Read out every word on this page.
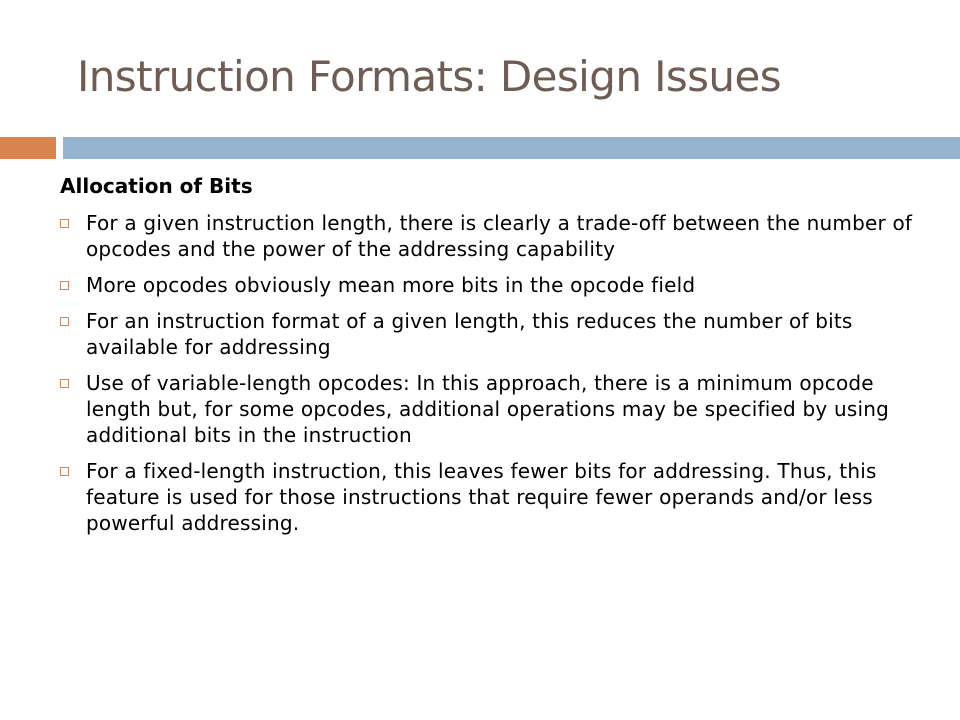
Instruction Formats: Design Issues

Allocation of Bits

For a given instruction length, there is clearly a trade-off between the number of opcodes and the power of the addressing capability
More opcodes obviously mean more bits in the opcode field
For an instruction format of a given length, this reduces the number of bits available for addressing
Use of variable-length opcodes: In this approach, there is a minimum opcode length but, for some opcodes, additional operations may be specified by using additional bits in the instruction
For a fixed-length instruction, this leaves fewer bits for addressing. Thus, this feature is used for those instructions that require fewer operands and/or less powerful addressing.
